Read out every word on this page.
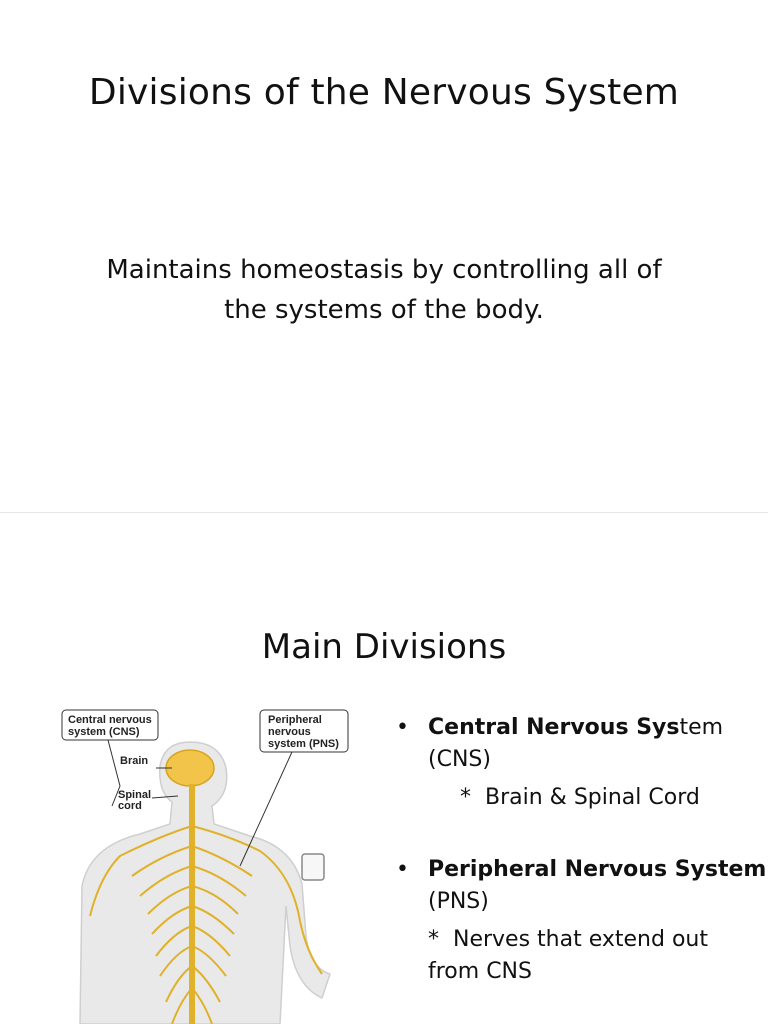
Divisions of the Nervous System
Maintains homeostasis by controlling all of
the systems of the body.
Main Divisions
Central nervous
system (CNS)
Peripheral
nervous
system (PNS)
Brain
Spinal
cord
• Central Nervous System
(CNS)
* Brain & Spinal Cord
• Peripheral Nervous System
(PNS)
* Nerves that extend out
from CNS
